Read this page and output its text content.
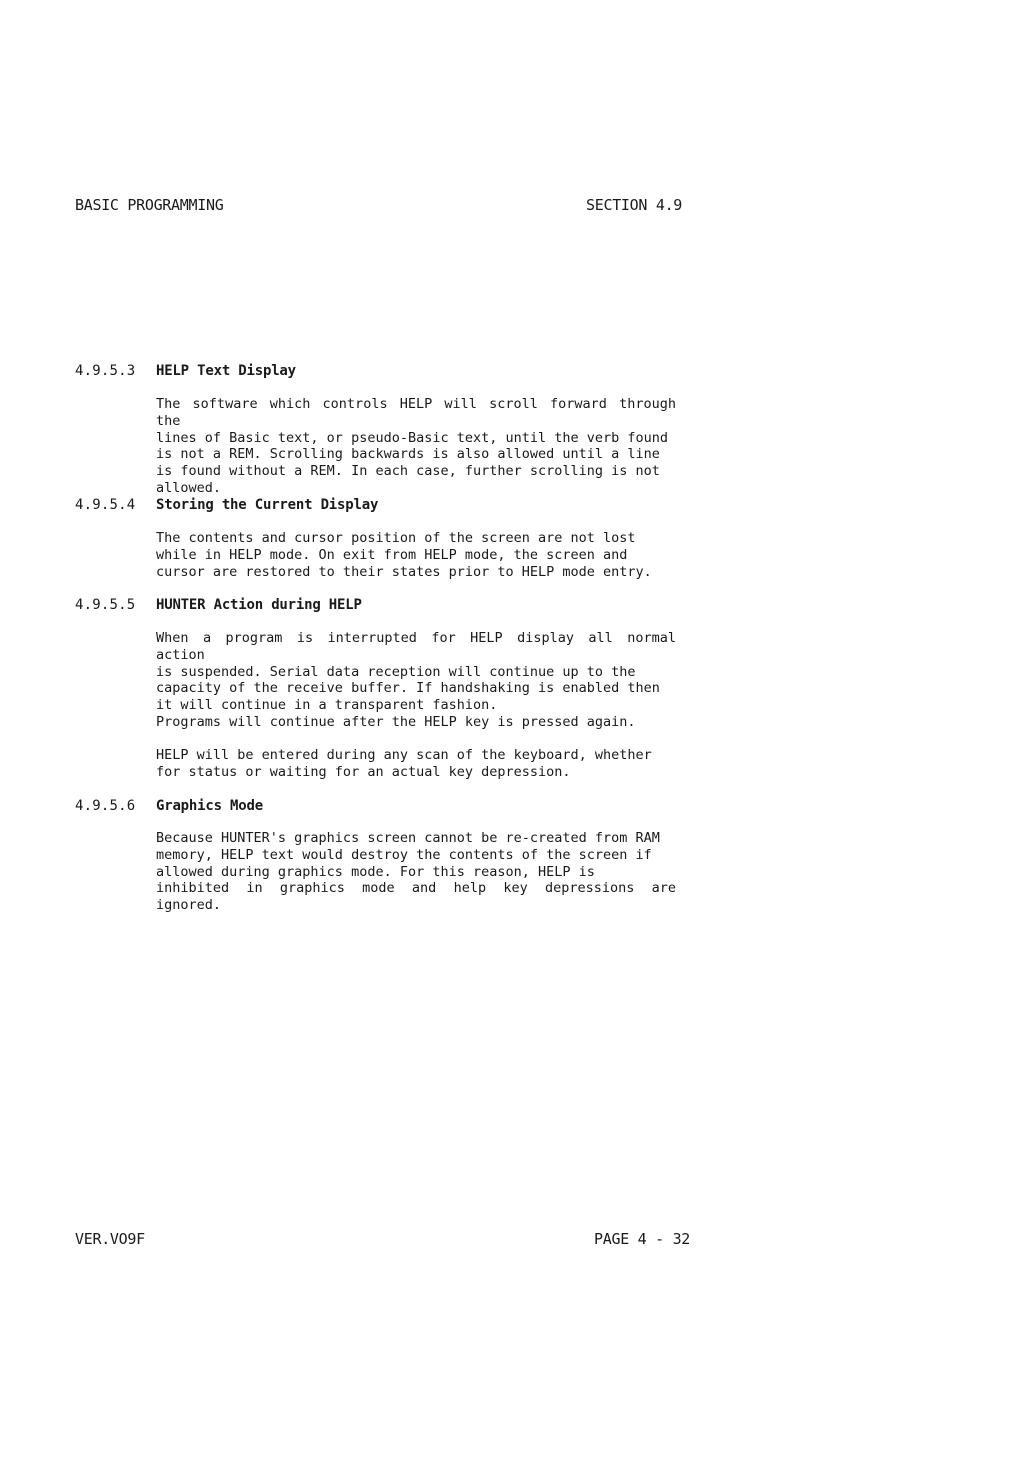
BASIC PROGRAMMING	SECTION 4.9
4.9.5.3 HELP Text Display

The software which controls HELP will scroll forward through the
lines of Basic text, or pseudo-Basic text, until the verb found
is not a REM. Scrolling backwards is also allowed until a line
is found without a REM. In each case, further scrolling is not
allowed.

4.9.5.4 Storing the Current Display

The contents and cursor position of the screen are not lost
while in HELP mode. On exit from HELP mode, the screen and
cursor are restored to their states prior to HELP mode entry.

4.9.5.5 HUNTER Action during HELP

When a program is interrupted for HELP display all normal action
is suspended. Serial data reception will continue up to the
capacity of the receive buffer. If handshaking is enabled then
it will continue in a transparent fashion.

Programs will continue after the HELP key is pressed again.

HELP will be entered during any scan of the keyboard, whether
for status or waiting for an actual key depression.

4.9.5.6 Graphics Mode

Because HUNTER's graphics screen cannot be re-created from RAM
memory, HELP text would destroy the contents of the screen if
allowed during graphics mode. For this reason, HELP is
inhibited in graphics mode and help key depressions are ignored.

VER.VO9F	PAGE 4 - 32
